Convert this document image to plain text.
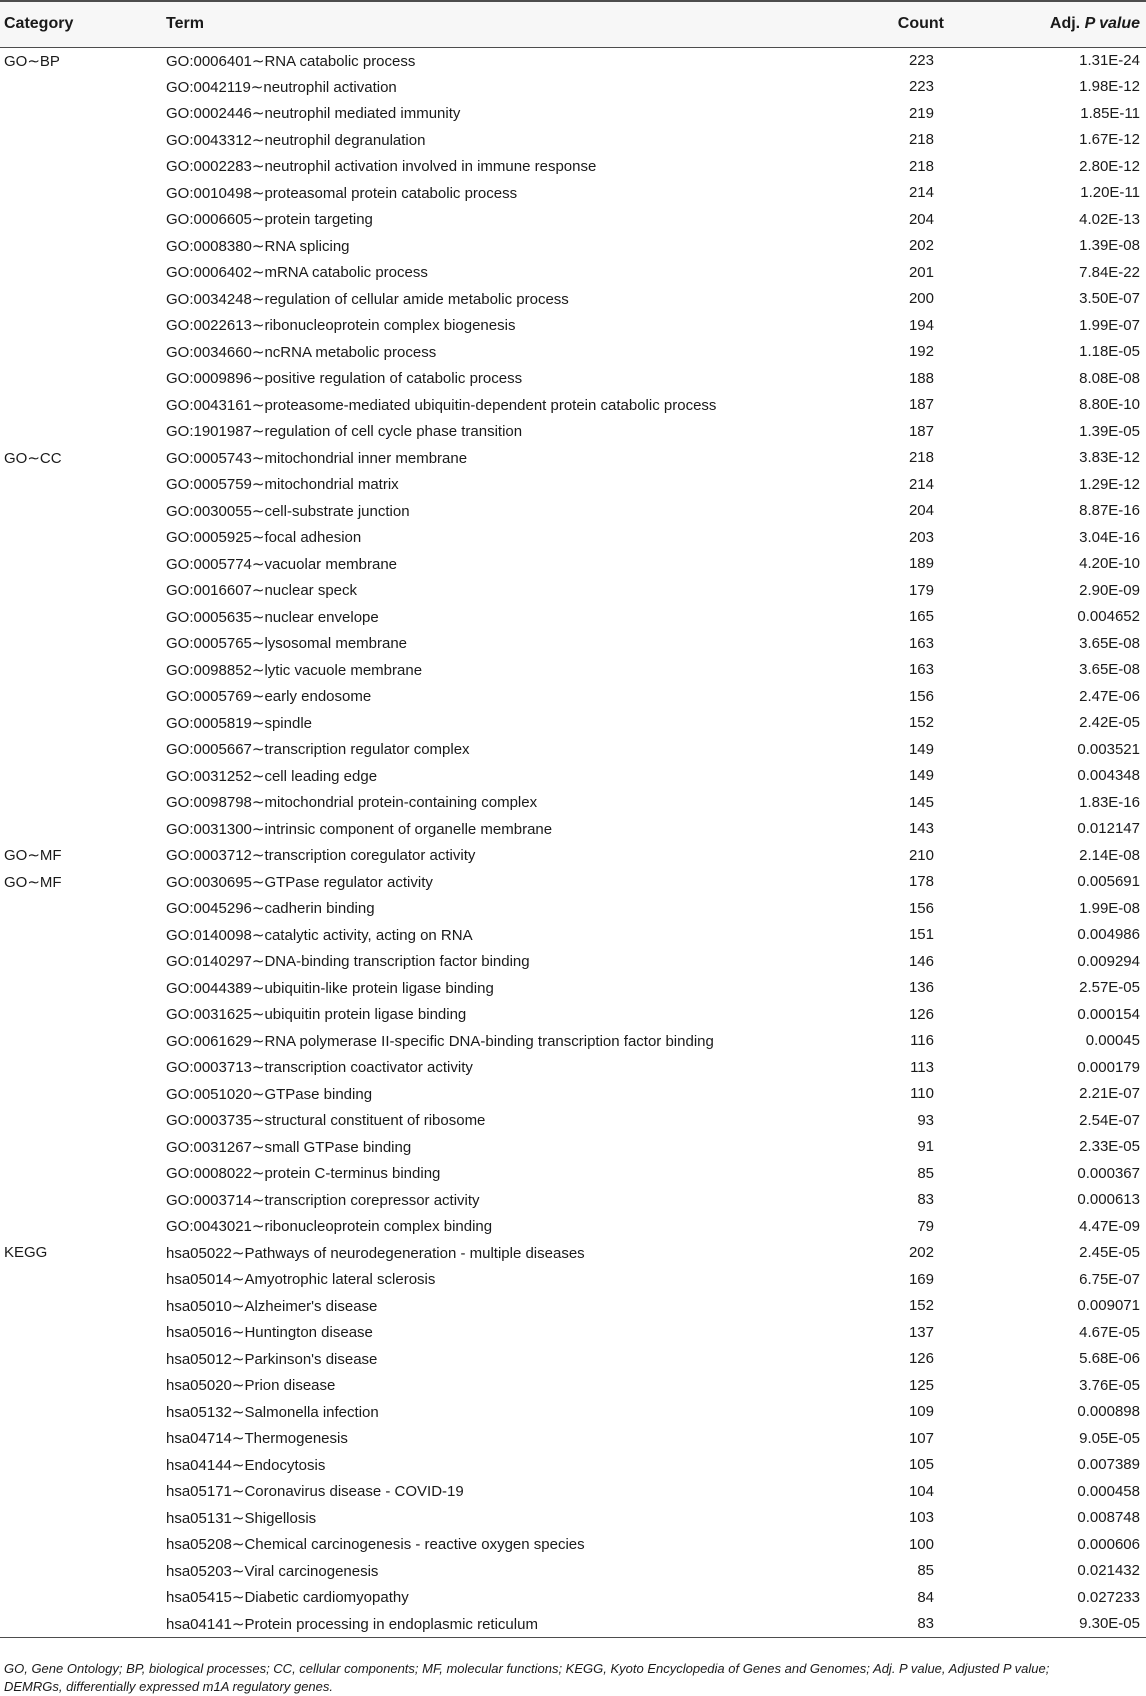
Category	Term	Count	Adj. P value
GO∼BP	GO:0006401∼RNA catabolic process	223	1.31E-24
	GO:0042119∼neutrophil activation	223	1.98E-12
	GO:0002446∼neutrophil mediated immunity	219	1.85E-11
	GO:0043312∼neutrophil degranulation	218	1.67E-12
	GO:0002283∼neutrophil activation involved in immune response	218	2.80E-12
	GO:0010498∼proteasomal protein catabolic process	214	1.20E-11
	GO:0006605∼protein targeting	204	4.02E-13
	GO:0008380∼RNA splicing	202	1.39E-08
	GO:0006402∼mRNA catabolic process	201	7.84E-22
	GO:0034248∼regulation of cellular amide metabolic process	200	3.50E-07
	GO:0022613∼ribonucleoprotein complex biogenesis	194	1.99E-07
	GO:0034660∼ncRNA metabolic process	192	1.18E-05
	GO:0009896∼positive regulation of catabolic process	188	8.08E-08
	GO:0043161∼proteasome-mediated ubiquitin-dependent protein catabolic process	187	8.80E-10
	GO:1901987∼regulation of cell cycle phase transition	187	1.39E-05
GO∼CC	GO:0005743∼mitochondrial inner membrane	218	3.83E-12
	GO:0005759∼mitochondrial matrix	214	1.29E-12
	GO:0030055∼cell-substrate junction	204	8.87E-16
	GO:0005925∼focal adhesion	203	3.04E-16
	GO:0005774∼vacuolar membrane	189	4.20E-10
	GO:0016607∼nuclear speck	179	2.90E-09
	GO:0005635∼nuclear envelope	165	0.004652
	GO:0005765∼lysosomal membrane	163	3.65E-08
	GO:0098852∼lytic vacuole membrane	163	3.65E-08
	GO:0005769∼early endosome	156	2.47E-06
	GO:0005819∼spindle	152	2.42E-05
	GO:0005667∼transcription regulator complex	149	0.003521
	GO:0031252∼cell leading edge	149	0.004348
	GO:0098798∼mitochondrial protein-containing complex	145	1.83E-16
	GO:0031300∼intrinsic component of organelle membrane	143	0.012147
GO∼MF	GO:0003712∼transcription coregulator activity	210	2.14E-08
GO∼MF	GO:0030695∼GTPase regulator activity	178	0.005691
	GO:0045296∼cadherin binding	156	1.99E-08
	GO:0140098∼catalytic activity, acting on RNA	151	0.004986
	GO:0140297∼DNA-binding transcription factor binding	146	0.009294
	GO:0044389∼ubiquitin-like protein ligase binding	136	2.57E-05
	GO:0031625∼ubiquitin protein ligase binding	126	0.000154
	GO:0061629∼RNA polymerase II-specific DNA-binding transcription factor binding	116	0.00045
	GO:0003713∼transcription coactivator activity	113	0.000179
	GO:0051020∼GTPase binding	110	2.21E-07
	GO:0003735∼structural constituent of ribosome	93	2.54E-07
	GO:0031267∼small GTPase binding	91	2.33E-05
	GO:0008022∼protein C-terminus binding	85	0.000367
	GO:0003714∼transcription corepressor activity	83	0.000613
	GO:0043021∼ribonucleoprotein complex binding	79	4.47E-09
KEGG	hsa05022∼Pathways of neurodegeneration - multiple diseases	202	2.45E-05
	hsa05014∼Amyotrophic lateral sclerosis	169	6.75E-07
	hsa05010∼Alzheimer's disease	152	0.009071
	hsa05016∼Huntington disease	137	4.67E-05
	hsa05012∼Parkinson's disease	126	5.68E-06
	hsa05020∼Prion disease	125	3.76E-05
	hsa05132∼Salmonella infection	109	0.000898
	hsa04714∼Thermogenesis	107	9.05E-05
	hsa04144∼Endocytosis	105	0.007389
	hsa05171∼Coronavirus disease - COVID-19	104	0.000458
	hsa05131∼Shigellosis	103	0.008748
	hsa05208∼Chemical carcinogenesis - reactive oxygen species	100	0.000606
	hsa05203∼Viral carcinogenesis	85	0.021432
	hsa05415∼Diabetic cardiomyopathy	84	0.027233
	hsa04141∼Protein processing in endoplasmic reticulum	83	9.30E-05
GO, Gene Ontology; BP, biological processes; CC, cellular components; MF, molecular functions; KEGG, Kyoto Encyclopedia of Genes and Genomes; Adj. P value, Adjusted P value;
DEMRGs, differentially expressed m1A regulatory genes.
